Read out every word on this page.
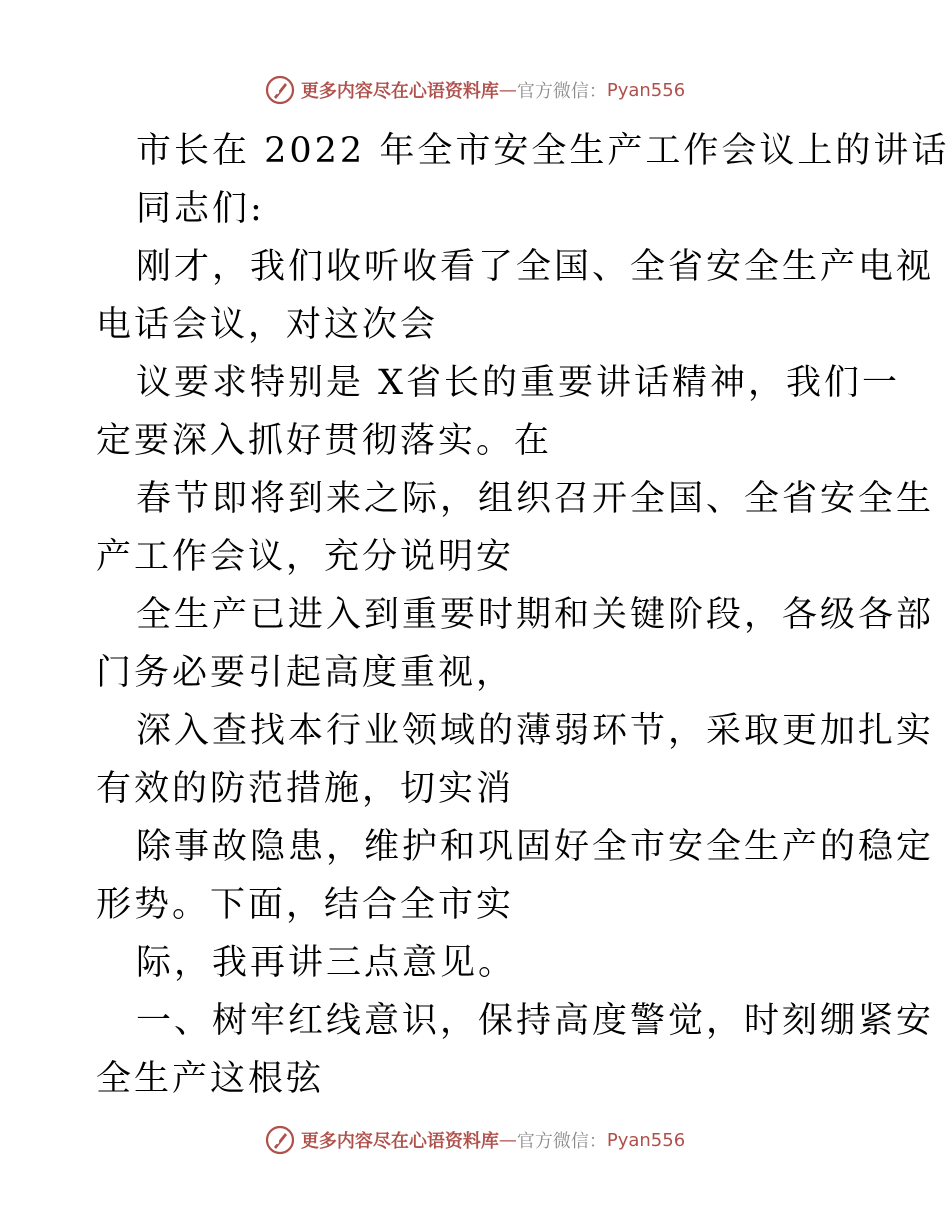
更多内容尽在心语资料库 — 官方微信： Pyan556
市长在 2022 年全市安全生产工作会议上的讲话
同志们:
刚才，我们收听收看了全国、全省安全生产电视
电话会议，对这次会
议要求特别是 X省长的重要讲话精神，我们一
定要深入抓好贯彻落实。在
春节即将到来之际，组织召开全国、全省安全生
产工作会议，充分说明安
全生产已进入到重要时期和关键阶段，各级各部
门务必要引起高度重视，
深入查找本行业领域的薄弱环节，采取更加扎实
有效的防范措施，切实消
除事故隐患，维护和巩固好全市安全生产的稳定
形势。下面，结合全市实
际，我再讲三点意见。
一、树牢红线意识，保持高度警觉，时刻绷紧安
全生产这根弦
更多内容尽在心语资料库 — 官方微信： Pyan556
